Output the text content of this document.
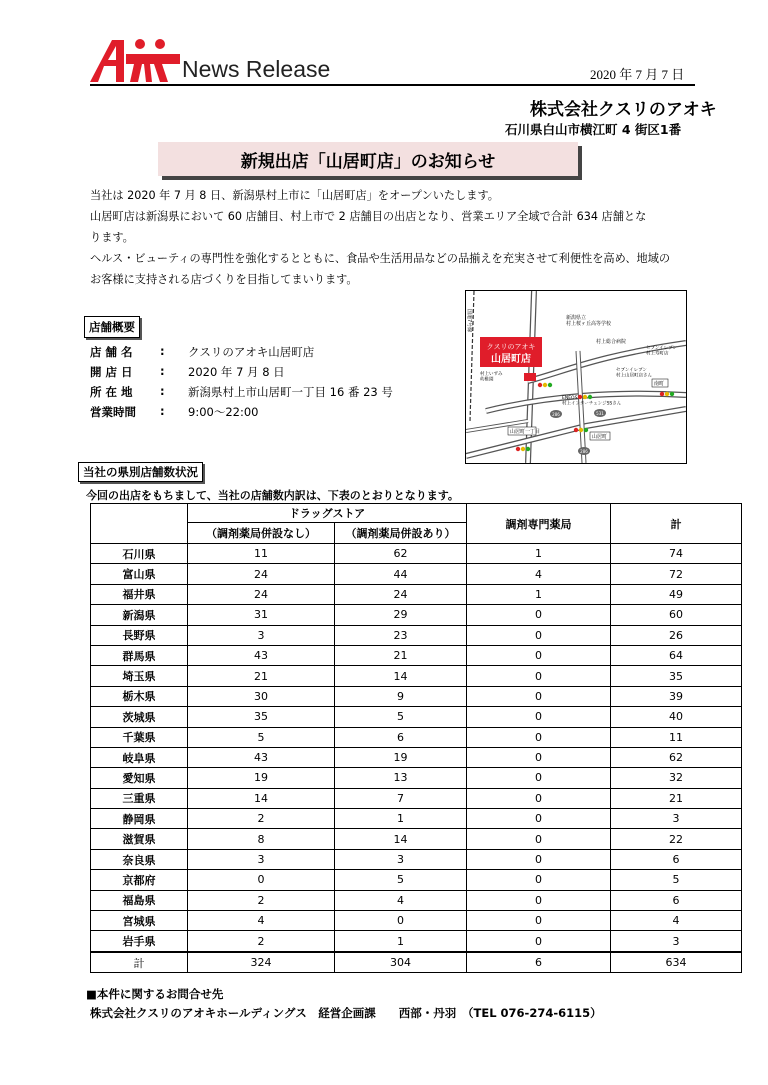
News Release	2020 年 7 月 7 日
株式会社クスリのアオキ
石川県白山市横江町 4 街区1番
新規出店「山居町店」のお知らせ
当社は 2020 年 7 月 8 日、新潟県村上市に「山居町店」をオープンいたします。
山居町店は新潟県において 60 店舗目、村上市で 2 店舗目の出店となり、営業エリア全域で合計 634 店舗とな
ります。
ヘルス・ビューティの専門性を強化するとともに、食品や生活用品などの品揃えを充実させて利便性を高め、地域の
お客様に支持される店づくりを目指してまいります。
店舗概要
店 舗 名	:	クスリのアオキ山居町店
開 店 日	:	2020 年 7 月 8 日
所 在 地	:	新潟県村上市山居町一丁目 16 番 23 号
営業時間	:	9:00～22:00
クスリのアオキ
山居町店
国道7号線	新潟県立村上桜ヶ丘高等学校
村上総合病院
セブンイレブン村上寿町店
セブンイレブン村上山居町店さん
ENEOS 村上インターチェンジSSさん
村上いずみ幼稚園
山居町一丁目
山居町
南町
286
286
531
当社の県別店舗数状況
今回の出店をもちまして、当社の店舗数内訳は、下表のとおりとなります。
	ドラッグストア		調剤専門薬局	計
	（調剤薬局併設なし）	（調剤薬局併設あり）		
石川県	11	62	1	74
富山県	24	44	4	72
福井県	24	24	1	49
新潟県	31	29	0	60
長野県	3	23	0	26
群馬県	43	21	0	64
埼玉県	21	14	0	35
栃木県	30	9	0	39
茨城県	35	5	0	40
千葉県	5	6	0	11
岐阜県	43	19	0	62
愛知県	19	13	0	32
三重県	14	7	0	21
静岡県	2	1	0	3
滋賀県	8	14	0	22
奈良県	3	3	0	6
京都府	0	5	0	5
福島県	2	4	0	6
宮城県	4	0	0	4
岩手県	2	1	0	3
計	324	304	6	634
■本件に関するお問合せ先
株式会社クスリのアオキホールディングス　経営企画課　　西部・丹羽　（TEL 076-274-6115）
